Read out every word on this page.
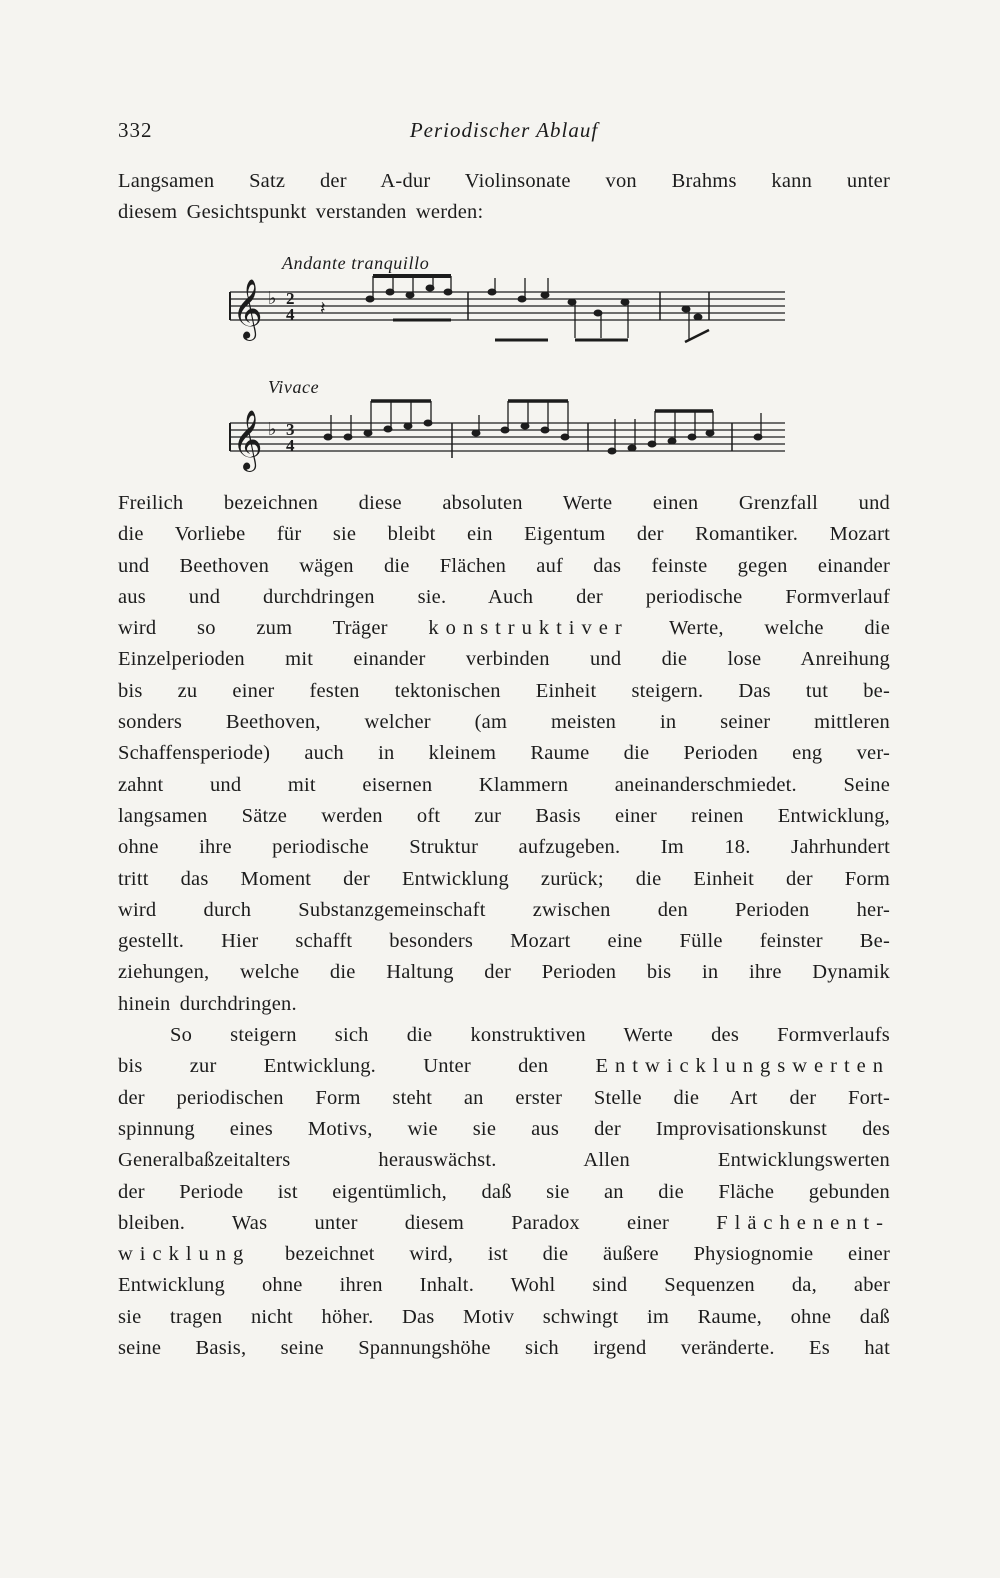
332	Periodischer Ablauf
Langsamen Satz der A-dur Violinsonate von Brahms kann unter
diesem Gesichtspunkt verstanden werden:
Andante tranquillo
𝄞 ♭ 2
4 𝄽
Vivace
𝄞 ♭ 3
4
Freilich bezeichnen diese absoluten Werte einen Grenzfall und
die Vorliebe für sie bleibt ein Eigentum der Romantiker. Mozart
und Beethoven wägen die Flächen auf das feinste gegen einander
aus und durchdringen sie. Auch der periodische Formverlauf
wird so zum Träger konstruktiver Werte, welche die
Einzelperioden mit einander verbinden und die lose Anreihung
bis zu einer festen tektonischen Einheit steigern. Das tut be-
sonders Beethoven, welcher (am meisten in seiner mittleren
Schaffensperiode) auch in kleinem Raume die Perioden eng ver-
zahnt und mit eisernen Klammern aneinanderschmiedet. Seine
langsamen Sätze werden oft zur Basis einer reinen Entwicklung,
ohne ihre periodische Struktur aufzugeben. Im 18. Jahrhundert
tritt das Moment der Entwicklung zurück; die Einheit der Form
wird durch Substanzgemeinschaft zwischen den Perioden her-
gestellt. Hier schafft besonders Mozart eine Fülle feinster Be-
ziehungen, welche die Haltung der Perioden bis in ihre Dynamik
hinein durchdringen.
So steigern sich die konstruktiven Werte des Formverlaufs
bis zur Entwicklung. Unter den Entwicklungswerten
der periodischen Form steht an erster Stelle die Art der Fort-
spinnung eines Motivs, wie sie aus der Improvisationskunst des
Generalbaßzeitalters herauswächst. Allen Entwicklungswerten
der Periode ist eigentümlich, daß sie an die Fläche gebunden
bleiben. Was unter diesem Paradox einer Flächenent-
wicklung bezeichnet wird, ist die äußere Physiognomie einer
Entwicklung ohne ihren Inhalt. Wohl sind Sequenzen da, aber
sie tragen nicht höher. Das Motiv schwingt im Raume, ohne daß
seine Basis, seine Spannungshöhe sich irgend veränderte. Es hat
